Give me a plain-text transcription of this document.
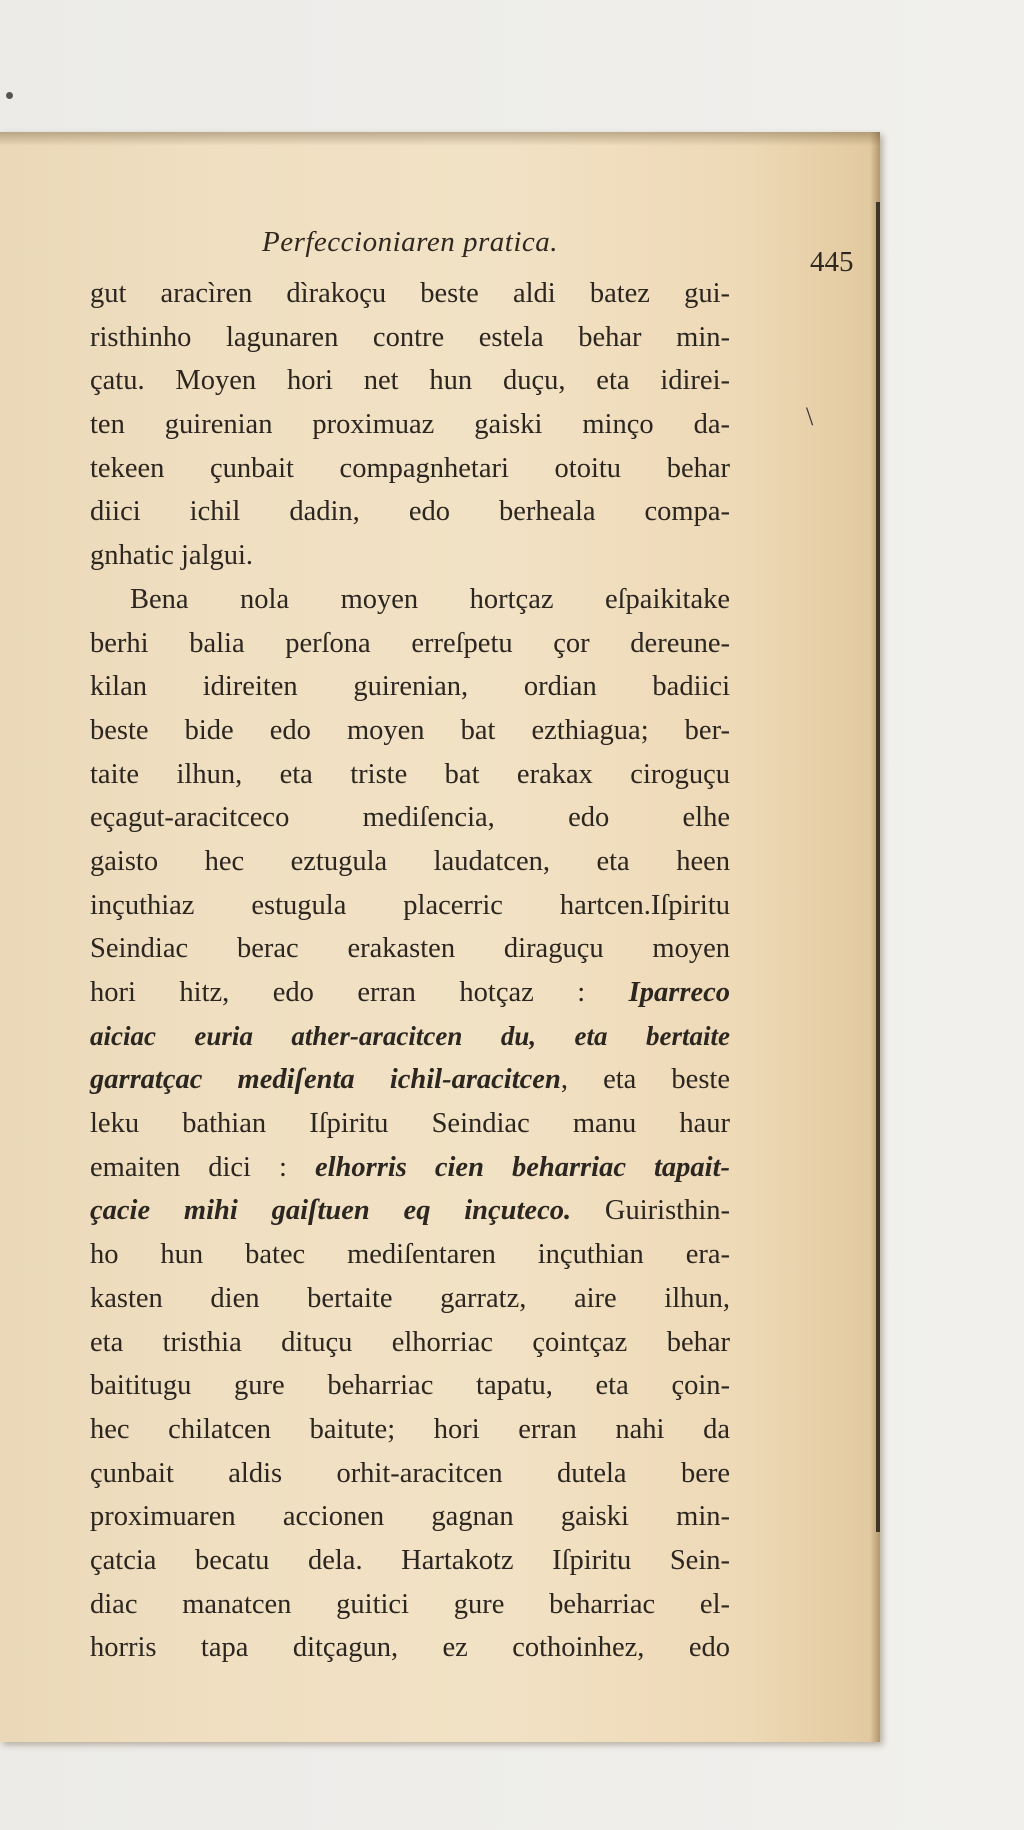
Perfeccioniaren pratica.
445
\
gut aracìren dìrakoçu beste aldi batez gui-
risthinho lagunaren contre estela behar min-
çatu. Moyen hori net hun duçu, eta idirei-
ten guirenian proximuaz gaiski minço da-
tekeen çunbait compagnhetari otoitu behar
diici ichil dadin, edo berheala compa-
gnhatic jalgui.
Bena nola moyen hortçaz eſpaikitake
berhi balia perſona erreſpetu çor dereune-
kilan idireiten guirenian, ordian badiici
beste bide edo moyen bat ezthiagua; ber-
taite ilhun, eta triste bat erakax ciroguçu
eçagut-aracitceco mediſencia, edo elhe
gaisto hec eztugula laudatcen, eta heen
inçuthiaz estugula placerric hartcen.Iſpiritu
Seindiac berac erakasten diraguçu moyen
hori hitz, edo erran hotçaz : Iparreco
aiciac euria ather-aracitcen du, eta bertaite
garratçac mediſenta ichil-aracitcen, eta beste
leku bathian Iſpiritu Seindiac manu haur
emaiten dici : elhorris cien beharriac tapait-
çacie mihi gaiſtuen eq inçuteco. Guiristhin-
ho hun batec mediſentaren inçuthian era-
kasten dien bertaite garratz, aire ilhun,
eta tristhia dituçu elhorriac çointçaz behar
baititugu gure beharriac tapatu, eta çoin-
hec chilatcen baitute; hori erran nahi da
çunbait aldis orhit-aracitcen dutela bere
proximuaren accionen gagnan gaiski min-
çatcia becatu dela. Hartakotz Iſpiritu Sein-
diac manatcen guitici gure beharriac el-
horris tapa ditçagun, ez cothoinhez, edo
